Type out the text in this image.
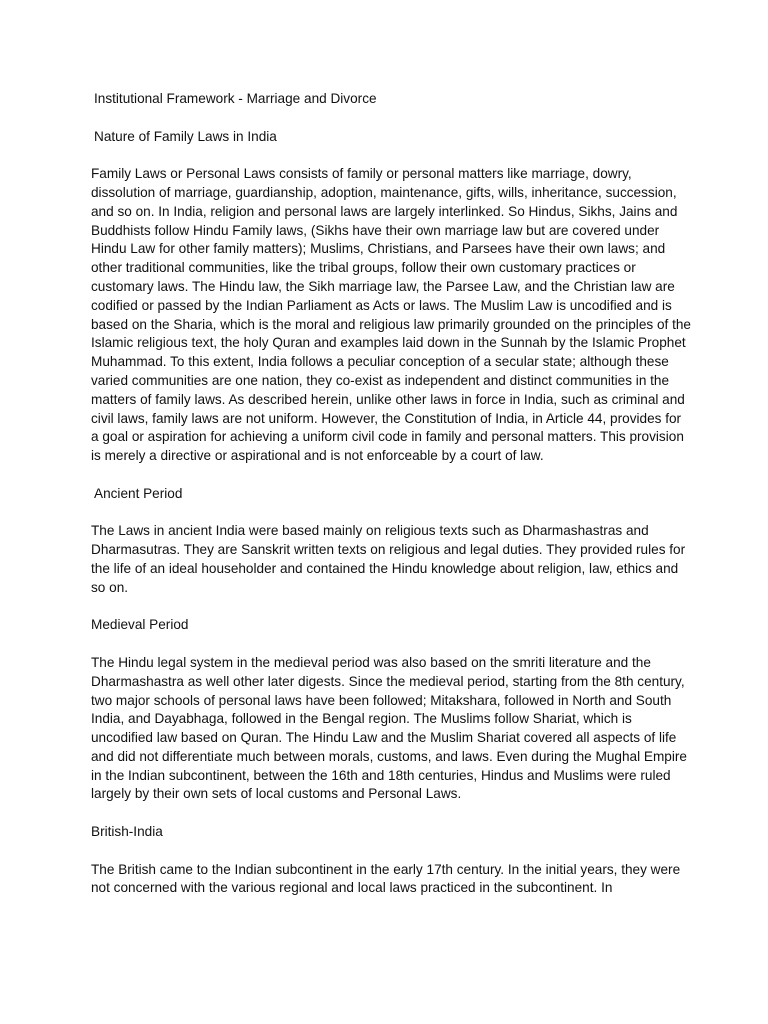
Institutional Framework - Marriage and Divorce

Nature of Family Laws in India

Family Laws or Personal Laws consists of family or personal matters like marriage, dowry, dissolution of marriage, guardianship, adoption, maintenance, gifts, wills, inheritance, succession, and so on. In India, religion and personal laws are largely interlinked. So Hindus, Sikhs, Jains and Buddhists follow Hindu Family laws, (Sikhs have their own marriage law but are covered under Hindu Law for other family matters); Muslims, Christians, and Parsees have their own laws; and other traditional communities, like the tribal groups, follow their own customary practices or customary laws. The Hindu law, the Sikh marriage law, the Parsee Law, and the Christian law are codified or passed by the Indian Parliament as Acts or laws. The Muslim Law is uncodified and is based on the Sharia, which is the moral and religious law primarily grounded on the principles of the Islamic religious text, the holy Quran and examples laid down in the Sunnah by the Islamic Prophet Muhammad. To this extent, India follows a peculiar conception of a secular state; although these varied communities are one nation, they co-exist as independent and distinct communities in the matters of family laws. As described herein, unlike other laws in force in India, such as criminal and civil laws, family laws are not uniform. However, the Constitution of India, in Article 44, provides for a goal or aspiration for achieving a uniform civil code in family and personal matters. This provision is merely a directive or aspirational and is not enforceable by a court of law.

Ancient Period

The Laws in ancient India were based mainly on religious texts such as Dharmashastras and Dharmasutras. They are Sanskrit written texts on religious and legal duties. They provided rules for the life of an ideal householder and contained the Hindu knowledge about religion, law, ethics and so on.

Medieval Period

The Hindu legal system in the medieval period was also based on the smriti literature and the Dharmashastra as well other later digests. Since the medieval period, starting from the 8th century, two major schools of personal laws have been followed; Mitakshara, followed in North and South India, and Dayabhaga, followed in the Bengal region. The Muslims follow Shariat, which is uncodified law based on Quran. The Hindu Law and the Muslim Shariat covered all aspects of life and did not differentiate much between morals, customs, and laws. Even during the Mughal Empire in the Indian subcontinent, between the 16th and 18th centuries, Hindus and Muslims were ruled largely by their own sets of local customs and Personal Laws.

British-India

The British came to the Indian subcontinent in the early 17th century. In the initial years, they were not concerned with the various regional and local laws practiced in the subcontinent. In
